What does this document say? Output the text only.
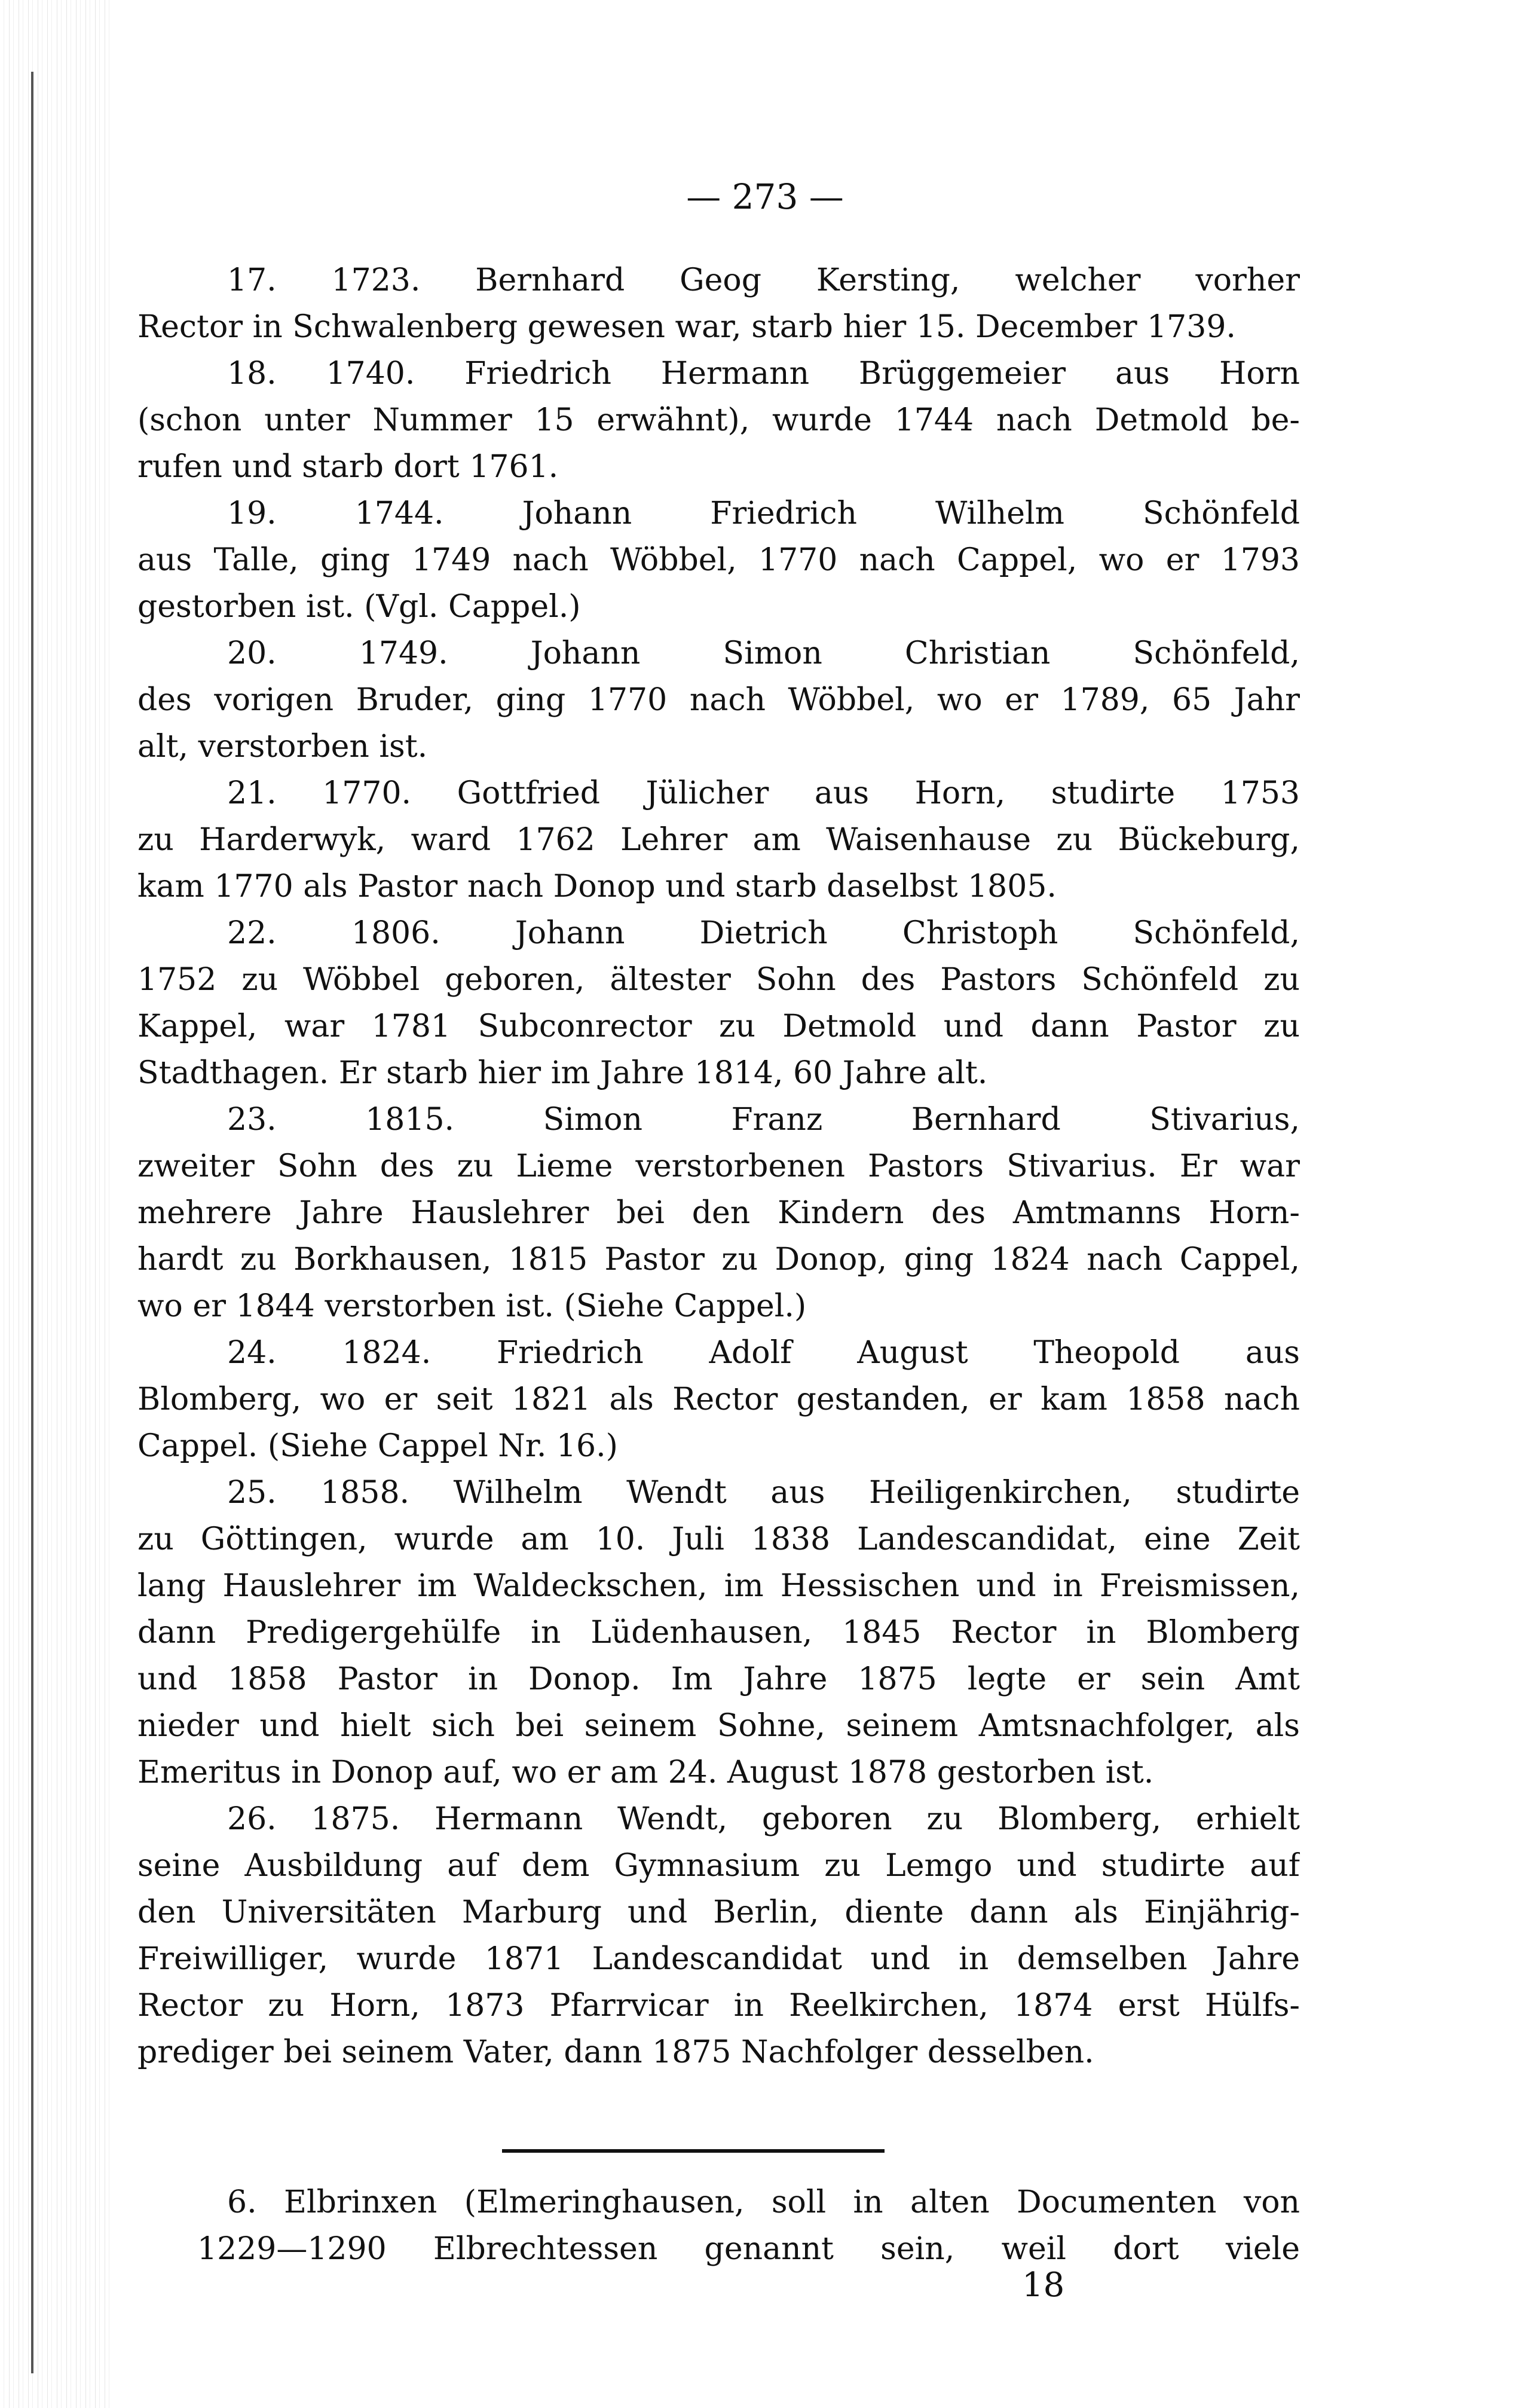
— 273 —
17. 1723. Bernhard Geog Kersting, welcher vorher
Rector in Schwalenberg gewesen war, starb hier 15. December 1739.
18. 1740. Friedrich Hermann Brüggemeier aus Horn
(schon unter Nummer 15 erwähnt), wurde 1744 nach Detmold be-
rufen und starb dort 1761.
19. 1744. Johann Friedrich Wilhelm Schönfeld
aus Talle, ging 1749 nach Wöbbel, 1770 nach Cappel, wo er 1793
gestorben ist. (Vgl. Cappel.)
20. 1749. Johann Simon Christian Schönfeld,
des vorigen Bruder, ging 1770 nach Wöbbel, wo er 1789, 65 Jahr
alt, verstorben ist.
21. 1770. Gottfried Jülicher aus Horn, studirte 1753
zu Harderwyk, ward 1762 Lehrer am Waisenhause zu Bückeburg,
kam 1770 als Pastor nach Donop und starb daselbst 1805.
22. 1806. Johann Dietrich Christoph Schönfeld,
1752 zu Wöbbel geboren, ältester Sohn des Pastors Schönfeld zu
Kappel, war 1781 Subconrector zu Detmold und dann Pastor zu
Stadthagen. Er starb hier im Jahre 1814, 60 Jahre alt.
23. 1815. Simon Franz Bernhard Stivarius,
zweiter Sohn des zu Lieme verstorbenen Pastors Stivarius. Er war
mehrere Jahre Hauslehrer bei den Kindern des Amtmanns Horn-
hardt zu Borkhausen, 1815 Pastor zu Donop, ging 1824 nach Cappel,
wo er 1844 verstorben ist. (Siehe Cappel.)
24. 1824. Friedrich Adolf August Theopold aus
Blomberg, wo er seit 1821 als Rector gestanden, er kam 1858 nach
Cappel. (Siehe Cappel Nr. 16.)
25. 1858. Wilhelm Wendt aus Heiligenkirchen, studirte
zu Göttingen, wurde am 10. Juli 1838 Landescandidat, eine Zeit
lang Hauslehrer im Waldeckschen, im Hessischen und in Freismissen,
dann Predigergehülfe in Lüdenhausen, 1845 Rector in Blomberg
und 1858 Pastor in Donop. Im Jahre 1875 legte er sein Amt
nieder und hielt sich bei seinem Sohne, seinem Amtsnachfolger, als
Emeritus in Donop auf, wo er am 24. August 1878 gestorben ist.
26. 1875. Hermann Wendt, geboren zu Blomberg, erhielt
seine Ausbildung auf dem Gymnasium zu Lemgo und studirte auf
den Universitäten Marburg und Berlin, diente dann als Einjährig-
Freiwilliger, wurde 1871 Landescandidat und in demselben Jahre
Rector zu Horn, 1873 Pfarrvicar in Reelkirchen, 1874 erst Hülfs-
prediger bei seinem Vater, dann 1875 Nachfolger desselben.
6. Elbrinxen (Elmeringhausen, soll in alten Documenten von
1229—1290 Elbrechtessen genannt sein, weil dort viele
18
